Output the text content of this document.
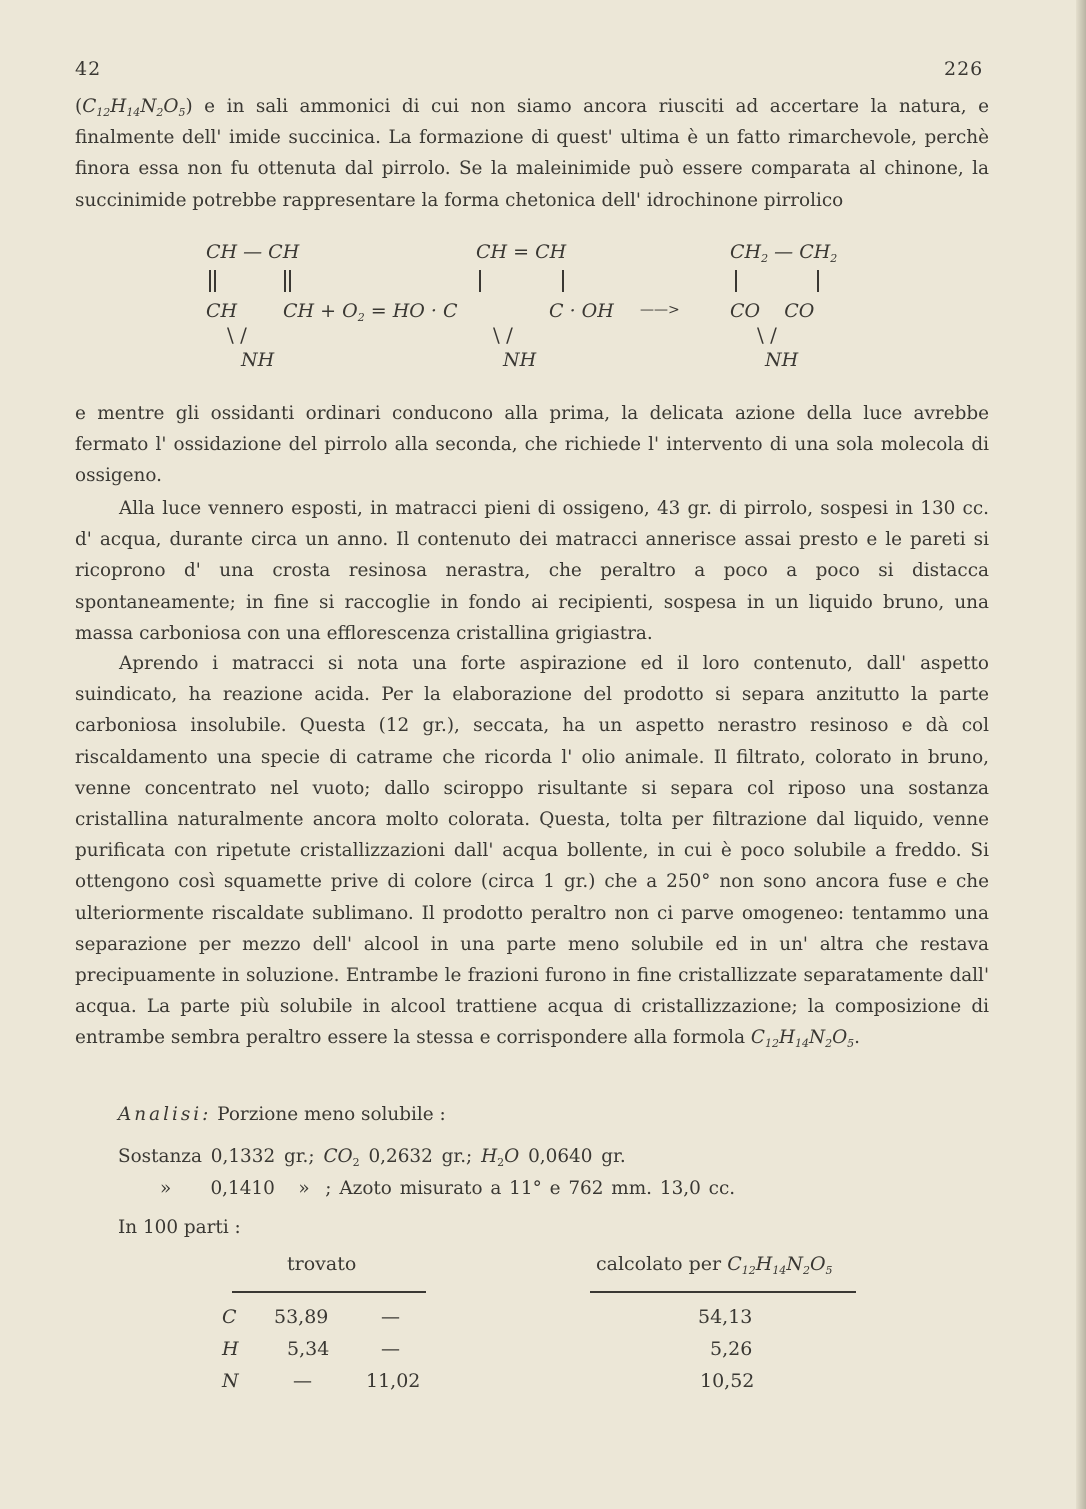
42	226

$(C_{12}H_{14}N_2O_5)$ e in sali ammonici di cui non siamo ancora riusciti ad accertare la natura, e finalmente dell' imide succinica. La formazione di quest' ultima è un fatto rimarchevole, perchè finora essa non fu ottenuta dal pirrolo. Se la maleinimide può essere comparata al chinone, la succinimide potrebbe rappresentare la forma chetonica dell' idrochinone pirrolico

CH — CH
CH CH + $O_2$ = HO · C
\ /
NH
CH = CH
C · OH
\ /
NH
——>
$CH_2$ — $CH_2$
CO    CO
\ /
NH

e mentre gli ossidanti ordinari conducono alla prima, la delicata azione della luce avrebbe fermato l' ossidazione del pirrolo alla seconda, che richiede l' intervento di una sola molecola di ossigeno.

Alla luce vennero esposti, in matracci pieni di ossigeno, 43 gr. di pirrolo, sospesi in 130 cc. d' acqua, durante circa un anno. Il contenuto dei matracci annerisce assai presto e le pareti si ricoprono d' una crosta resinosa nerastra, che peraltro a poco a poco si distacca spontaneamente; in fine si raccoglie in fondo ai recipienti, sospesa in un liquido bruno, una massa carboniosa con una efflorescenza cristallina grigiastra.

Aprendo i matracci si nota una forte aspirazione ed il loro contenuto, dall' aspetto suindicato, ha reazione acida. Per la elaborazione del prodotto si separa anzitutto la parte carboniosa insolubile. Questa (12 gr.), seccata, ha un aspetto nerastro resinoso e dà col riscaldamento una specie di catrame che ricorda l' olio animale. Il filtrato, colorato in bruno, venne concentrato nel vuoto; dallo sciroppo risultante si separa col riposo una sostanza cristallina naturalmente ancora molto colorata. Questa, tolta per filtrazione dal liquido, venne purificata con ripetute cristallizzazioni dall' acqua bollente, in cui è poco solubile a freddo. Si ottengono così squamette prive di colore (circa 1 gr.) che a 250° non sono ancora fuse e che ulteriormente riscaldate sublimano. Il prodotto peraltro non ci parve omogeneo: tentammo una separazione per mezzo dell' alcool in una parte meno solubile ed in un' altra che restava precipuamente in soluzione. Entrambe le frazioni furono in fine cristallizzate separatamente dall' acqua. La parte più solubile in alcool trattiene acqua di cristallizzazione; la composizione di entrambe sembra peraltro essere la stessa e corrispondere alla formola $C_{12}H_{14}N_2O_5$.

Analisi: Porzione meno solubile :
Sostanza 0,1332 gr.; $CO_2$ 0,2632 gr.; $H_2O$ 0,0640 gr.
»     0,1410   »  ; Azoto misurato a 11° e 762 mm. 13,0 cc.
In 100 parti :
trovato	calcolato per $C_{12}H_{14}N_2O_5$
C 53,89	—	54,13
H	5,34	—	5,26
N	—	11,02	10,52
